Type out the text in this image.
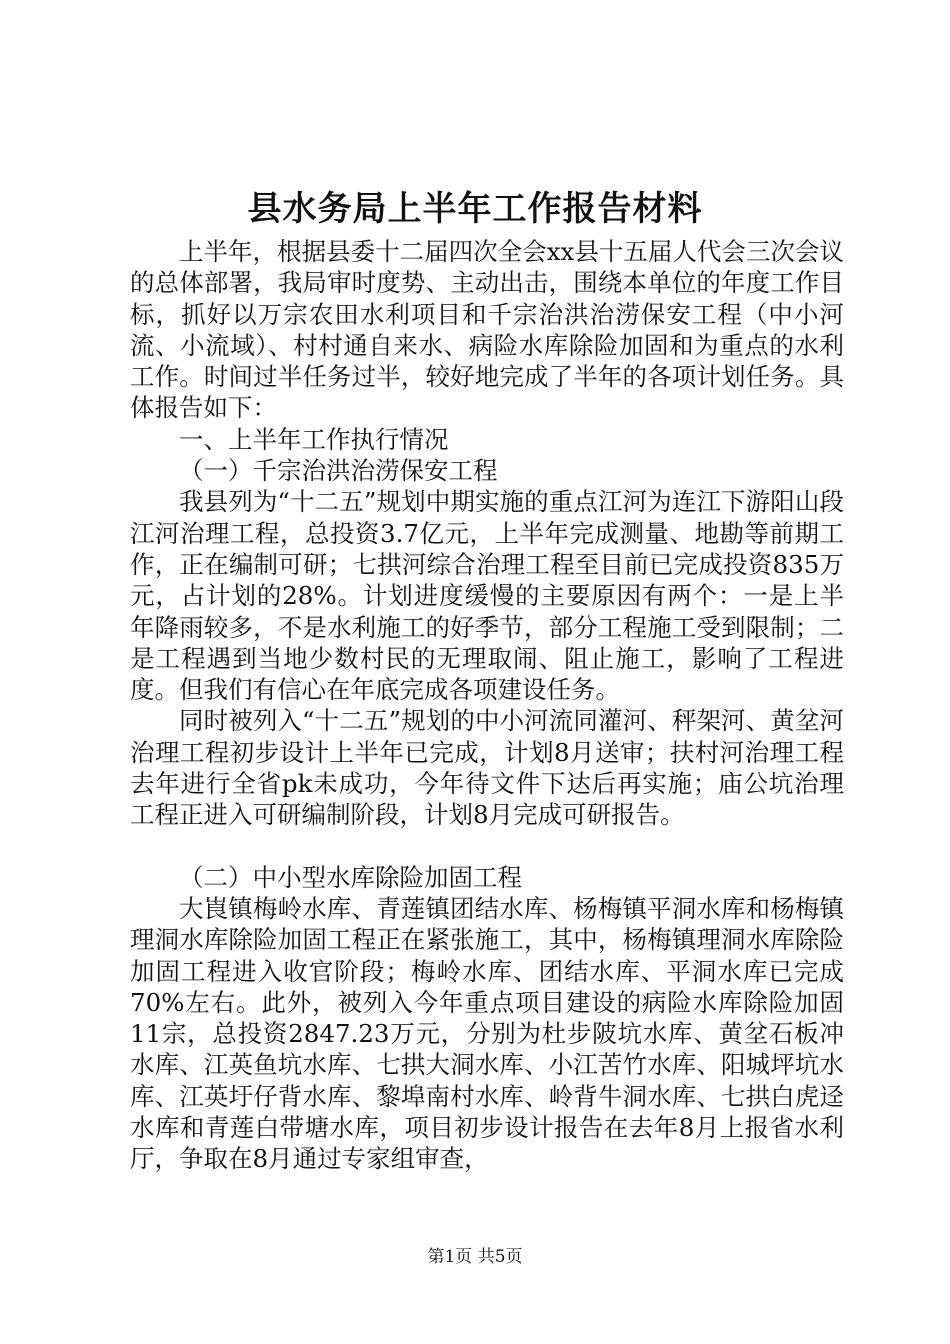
县水务局上半年工作报告材料

上半年，根据县委十二届四次全会xx县十五届人代会三次会议的总体部署，我局审时度势、主动出击，围绕本单位的年度工作目标，抓好以万宗农田水利项目和千宗治洪治涝保安工程（中小河流、小流域）、村村通自来水、病险水库除险加固和为重点的水利工作。时间过半任务过半，较好地完成了半年的各项计划任务。具体报告如下：

一、上半年工作执行情况

（一）千宗治洪治涝保安工程

我县列为“十二五”规划中期实施的重点江河为连江下游阳山段江河治理工程，总投资3.7亿元，上半年完成测量、地勘等前期工作，正在编制可研；七拱河综合治理工程至目前已完成投资835万元，占计划的28%。计划进度缓慢的主要原因有两个：一是上半年降雨较多，不是水利施工的好季节，部分工程施工受到限制；二是工程遇到当地少数村民的无理取闹、阻止施工，影响了工程进度。但我们有信心在年底完成各项建设任务。

同时被列入“十二五”规划的中小河流同灌河、秤架河、黄坌河治理工程初步设计上半年已完成，计划8月送审；扶村河治理工程去年进行全省pk未成功，今年待文件下达后再实施；庙公坑治理工程正进入可研编制阶段，计划8月完成可研报告。

（二）中小型水库除险加固工程

大崀镇梅岭水库、青莲镇团结水库、杨梅镇平洞水库和杨梅镇理洞水库除险加固工程正在紧张施工，其中，杨梅镇理洞水库除险加固工程进入收官阶段；梅岭水库、团结水库、平洞水库已完成70%左右。此外，被列入今年重点项目建设的病险水库除险加固11宗，总投资2847.23万元，分别为杜步陂坑水库、黄坌石板冲水库、江英鱼坑水库、七拱大洞水库、小江苦竹水库、阳城坪坑水库、江英圩仔背水库、黎埠南村水库、岭背牛洞水库、七拱白虎迳水库和青莲白带塘水库，项目初步设计报告在去年8月上报省水利厅，争取在8月通过专家组审查，

第1页 共5页
